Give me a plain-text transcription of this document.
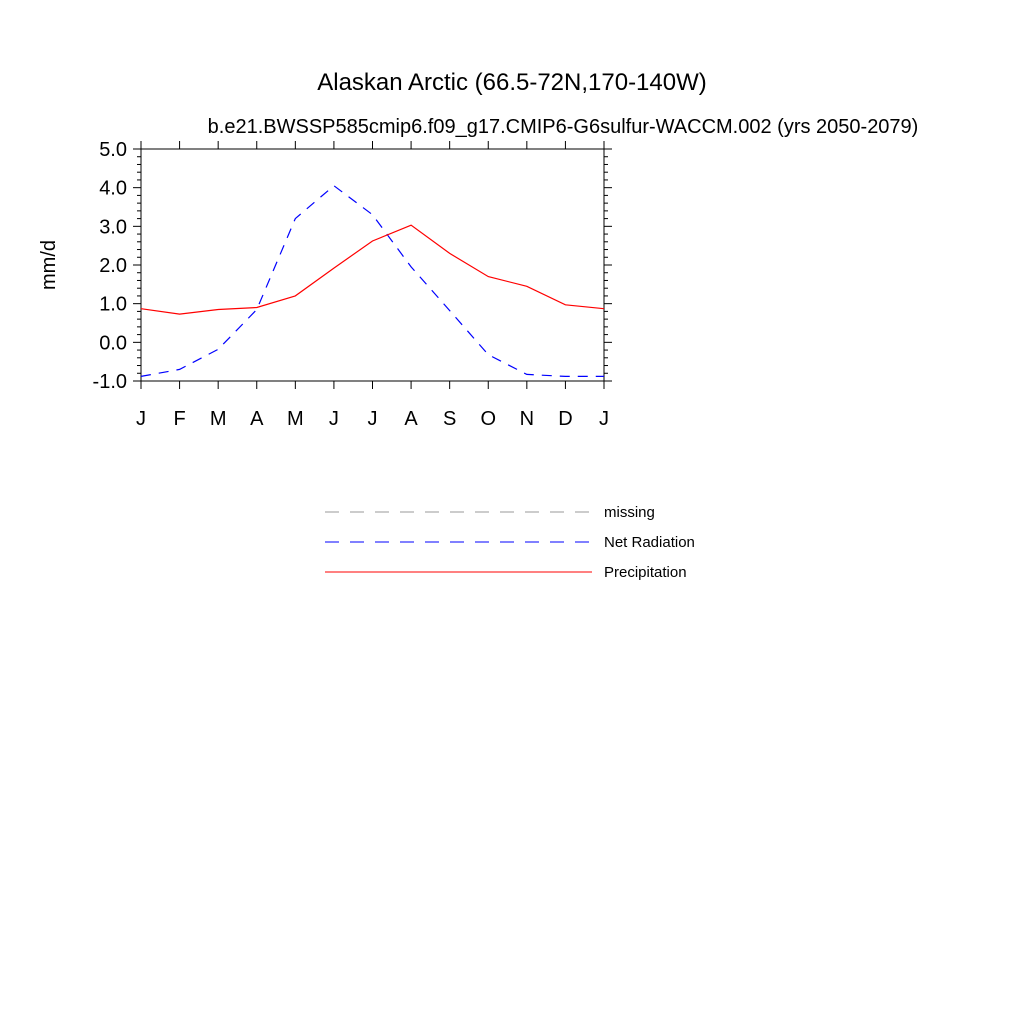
Alaskan Arctic (66.5-72N,170-140W)
b.e21.BWSSP585cmip6.f09_g17.CMIP6-G6sulfur-WACCM.002 (yrs 2050-2079)
mm/d
5.0
4.0
3.0
2.0
1.0
0.0
-1.0
J F M A M J J A S O N D J
missing
Net Radiation
Precipitation
